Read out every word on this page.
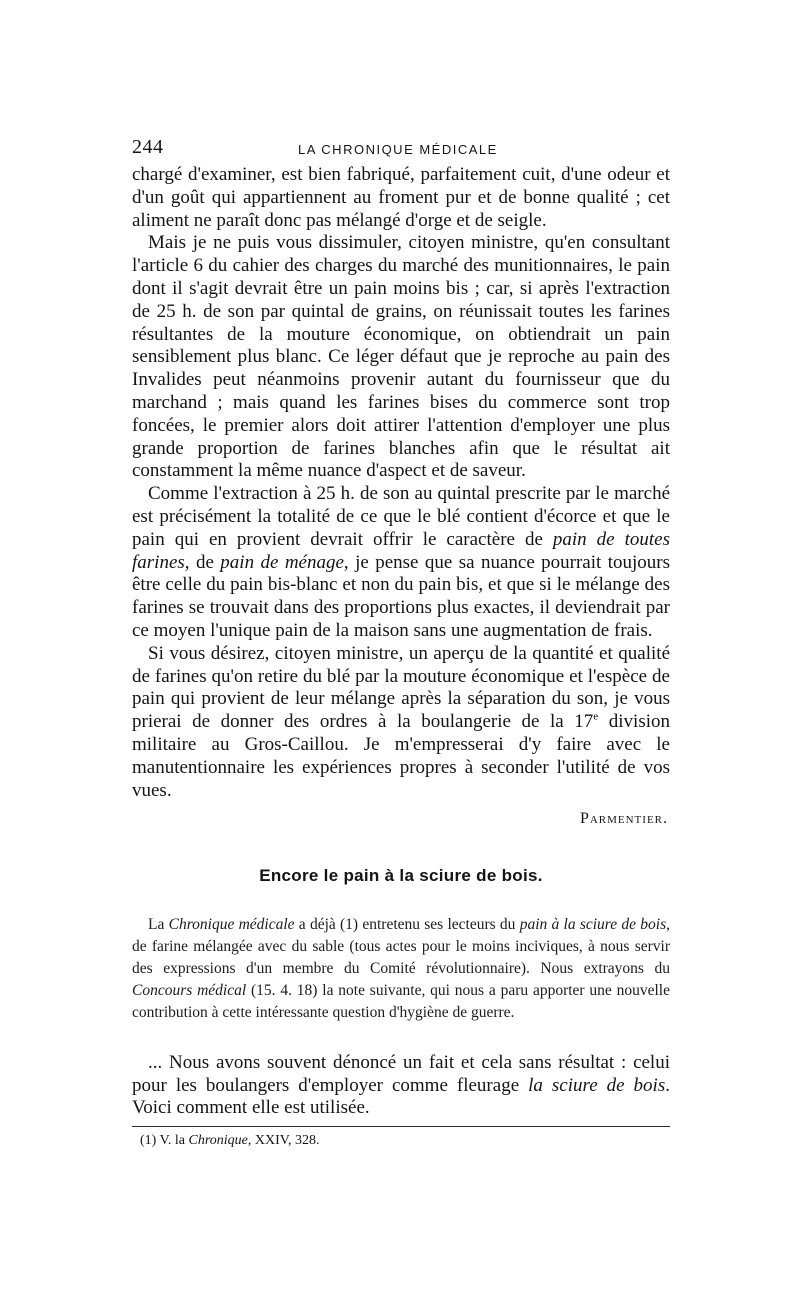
244	LA CHRONIQUE MÉDICALE

chargé d'examiner, est bien fabriqué, parfaitement cuit, d'une odeur et d'un goût qui appartiennent au froment pur et de bonne qualité ; cet aliment ne paraît donc pas mélangé d'orge et de seigle.

Mais je ne puis vous dissimuler, citoyen ministre, qu'en consultant l'article 6 du cahier des charges du marché des munitionnaires, le pain dont il s'agit devrait être un pain moins bis ; car, si après l'extraction de 25 h. de son par quintal de grains, on réunissait toutes les farines résultantes de la mouture économique, on obtiendrait un pain sensiblement plus blanc. Ce léger défaut que je reproche au pain des Invalides peut néanmoins provenir autant du fournisseur que du marchand ; mais quand les farines bises du commerce sont trop foncées, le premier alors doit attirer l'attention d'employer une plus grande proportion de farines blanches afin que le résultat ait constamment la même nuance d'aspect et de saveur.

Comme l'extraction à 25 h. de son au quintal prescrite par le marché est précisément la totalité de ce que le blé contient d'écorce et que le pain qui en provient devrait offrir le caractère de pain de toutes farines, de pain de ménage, je pense que sa nuance pourrait toujours être celle du pain bis-blanc et non du pain bis, et que si le mélange des farines se trouvait dans des proportions plus exactes, il deviendrait par ce moyen l'unique pain de la maison sans une augmentation de frais.

Si vous désirez, citoyen ministre, un aperçu de la quantité et qualité de farines qu'on retire du blé par la mouture économique et l'espèce de pain qui provient de leur mélange après la séparation du son, je vous prierai de donner des ordres à la boulangerie de la 17e division militaire au Gros-Caillou. Je m'empresserai d'y faire avec le manutentionnaire les expériences propres à seconder l'utilité de vos vues.

Parmentier.
Encore le pain à la sciure de bois.

La Chronique médicale a déjà (1) entretenu ses lecteurs du pain à la sciure de bois, de farine mélangée avec du sable (tous actes pour le moins inciviques, à nous servir des expressions d'un membre du Comité révolutionnaire). Nous extrayons du Concours médical (15. 4. 18) la note suivante, qui nous a paru apporter une nouvelle contribution à cette intéressante question d'hygiène de guerre.

... Nous avons souvent dénoncé un fait et cela sans résultat : celui pour les boulangers d'employer comme fleurage la sciure de bois. Voici comment elle est utilisée.

(1) V. la Chronique, XXIV, 328.
